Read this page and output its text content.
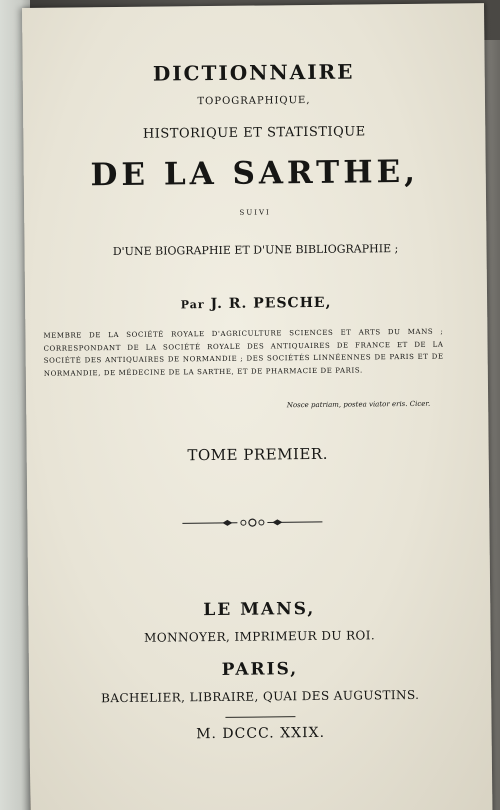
DICTIONNAIRE

TOPOGRAPHIQUE,

HISTORIQUE ET STATISTIQUE

DE LA SARTHE,

SUIVI

D'UNE BIOGRAPHIE ET D'UNE BIBLIOGRAPHIE ;

Par J. R. PESCHE,

MEMBRE DE LA SOCIÉTÉ ROYALE D'AGRICULTURE SCIENCES ET ARTS DU MANS ; CORRESPONDANT DE LA SOCIÉTÉ ROYALE DES ANTIQUAIRES DE FRANCE ET DE LA SOCIÉTÉ DES ANTIQUAIRES DE NORMANDIE ; DES SOCIÉTÉS LINNÉENNES DE PARIS ET DE NORMANDIE, DE MÉDECINE DE LA SARTHE, ET DE PHARMACIE DE PARIS.
Nosce patriam, postea viator eris. Cicer.

TOME PREMIER.

LE MANS,

MONNOYER, IMPRIMEUR DU ROI.

PARIS,

BACHELIER, LIBRAIRE, QUAI DES AUGUSTINS.

M. DCCC. XXIX.
